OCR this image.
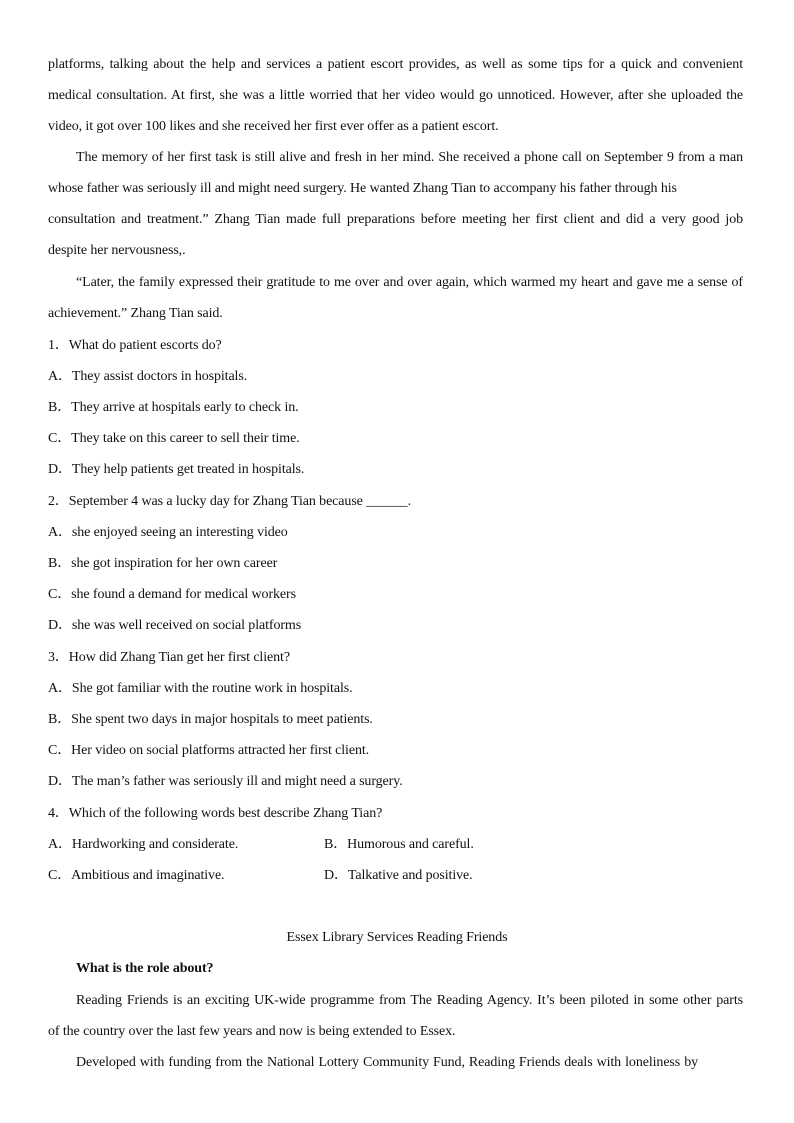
platforms, talking about the help and services a patient escort provides, as well as some tips for a quick and convenient
medical consultation. At first, she was a little worried that her video would go unnoticed. However, after she uploaded the
video, it got over 100 likes and she received her first ever offer as a patient escort.
The memory of her first task is still alive and fresh in her mind. She received a phone call on September 9 from a man
whose father was seriously ill and might need surgery. He wanted Zhang Tian to accompany his father through his
consultation and treatment.” Zhang Tian made full preparations before meeting her first client and did a very good job
despite her nervousness,.
“Later, the family expressed their gratitude to me over and over again, which warmed my heart and gave me a sense of
achievement.” Zhang Tian said.
1．What do patient escorts do?
A．They assist doctors in hospitals.
B．They arrive at hospitals early to check in.
C．They take on this career to sell their time.
D．They help patients get treated in hospitals.
2．September 4 was a lucky day for Zhang Tian because ______.
A．she enjoyed seeing an interesting video
B．she got inspiration for her own career
C．she found a demand for medical workers
D．she was well received on social platforms
3．How did Zhang Tian get her first client?
A．She got familiar with the routine work in hospitals.
B．She spent two days in major hospitals to meet patients.
C．Her video on social platforms attracted her first client.
D．The man’s father was seriously ill and might need a surgery.
4．Which of the following words best describe Zhang Tian?
A．Hardworking and considerate.	B．Humorous and careful.
C．Ambitious and imaginative.	D．Talkative and positive.
Essex Library Services Reading Friends
What is the role about?
Reading Friends is an exciting UK-wide programme from The Reading Agency. It’s been piloted in some other parts
of the country over the last few years and now is being extended to Essex.
Developed with funding from the National Lottery Community Fund, Reading Friends deals with loneliness by
